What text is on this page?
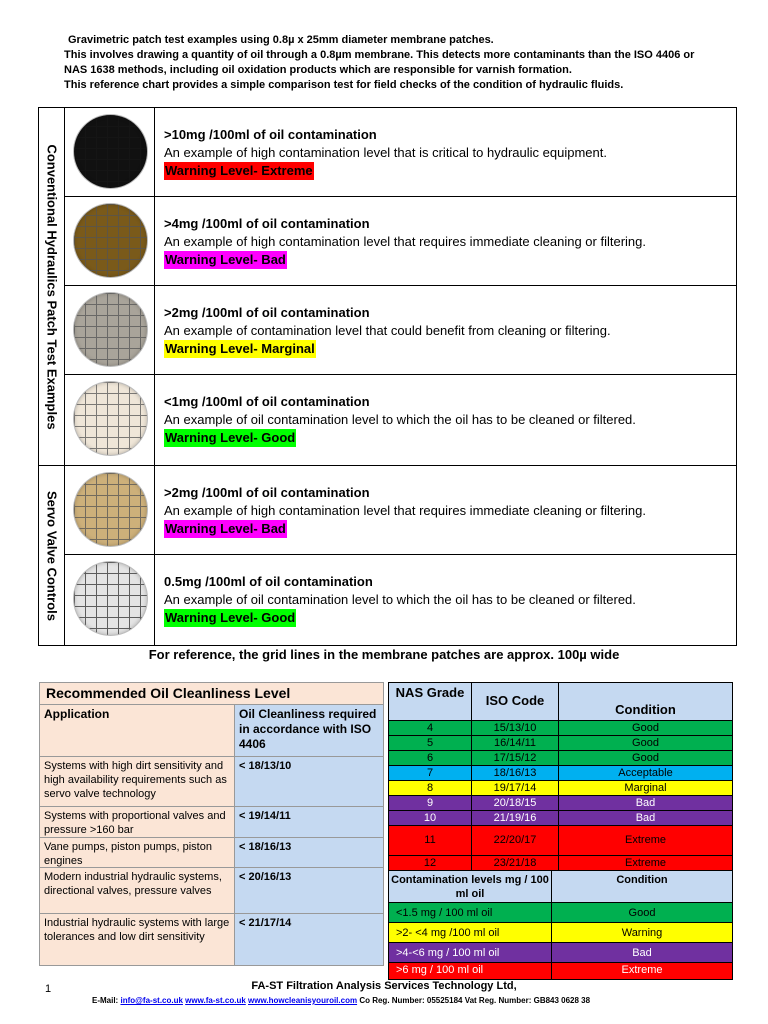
Gravimetric patch test examples using 0.8µ x 25mm diameter membrane patches.

This involves drawing a quantity of oil through a 0.8µm membrane. This detects more contaminants than the ISO 4406 or

NAS 1638 methods, including oil oxidation products which are responsible for varnish formation.

This reference chart provides a simple comparison test for field checks of the condition of hydraulic fluids.

Conventional Hydraulics Patch Test Examples
Servo Valve Controls
>10mg /100ml of oil contamination
An example of high contamination level that is critical to hydraulic equipment.
Warning Level- Extreme
>4mg /100ml of oil contamination
An example of high contamination level that requires immediate cleaning or filtering.
Warning Level- Bad
>2mg /100ml of oil contamination
An example of contamination level that could benefit from cleaning or filtering.
Warning Level- Marginal
<1mg /100ml of oil contamination
An example of oil contamination level to which the oil has to be cleaned or filtered.
Warning Level- Good
>2mg /100ml of oil contamination
An example of high contamination level that requires immediate cleaning or filtering.
Warning Level- Bad
0.5mg /100ml of oil contamination
An example of oil contamination level to which the oil has to be cleaned or filtered.
Warning Level- Good
For reference, the grid lines in the membrane patches are approx. 100µ wide
Recommended Oil Cleanliness Level
Application	Oil Cleanliness required in accordance with ISO 4406
Systems with high dirt sensitivity and high availability requirements such as servo valve technology
< 18/13/10
Systems with proportional valves and pressure >160 bar
< 19/14/11
Vane pumps, piston pumps, piston engines
< 18/16/13
Modern industrial hydraulic systems, directional valves, pressure valves
< 20/16/13
Industrial hydraulic systems with large tolerances and low dirt sensitivity
< 21/17/14
NAS Grade
ISO Code
Condition
4	15/13/10	Good
5	16/14/11	Good
6	17/15/12	Good
7	18/16/13	Acceptable
8	19/17/14	Marginal
9	20/18/15	Bad
10	21/19/16	Bad
11	22/20/17	Extreme
12	23/21/18	Extreme
Contamination levels mg / 100 ml oil
Condition
<1.5 mg / 100 ml oil	Good
>2- <4 mg /100 ml oil	Warning
>4-<6 mg / 100 ml oil	Bad
>6 mg / 100 ml oil	Extreme
1	FA-ST Filtration Analysis Services Technology Ltd,
E-Mail: info@fa-st.co.uk www.fa-st.co.uk www.howcleanisyouroil.com Co Reg. Number: 05525184 Vat Reg. Number: GB843 0628 38
